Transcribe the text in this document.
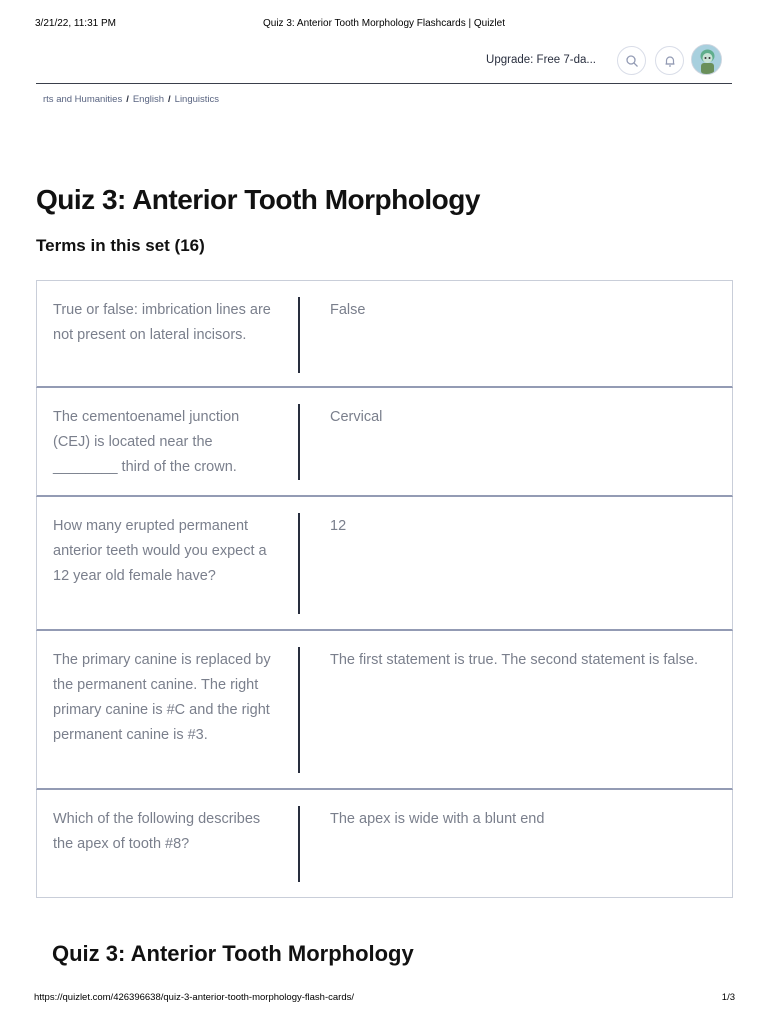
3/21/22, 11:31 PM	Quiz 3: Anterior Tooth Morphology Flashcards | Quizlet
Upgrade: Free 7-da...
rts and Humanities / English / Linguistics
Quiz 3: Anterior Tooth Morphology
Terms in this set (16)
True or false: imbrication lines are not present on lateral incisors.
False
The cementoenamel junction (CEJ) is located near the ________ third of the crown.
Cervical
How many erupted permanent anterior teeth would you expect a 12 year old female have?
12
The primary canine is replaced by the permanent canine. The right primary canine is #C and the right permanent canine is #3.
The first statement is true. The second statement is false.
Which of the following describes the apex of tooth #8?
The apex is wide with a blunt end
Quiz 3: Anterior Tooth Morphology
https://quizlet.com/426396638/quiz-3-anterior-tooth-morphology-flash-cards/	1/3
